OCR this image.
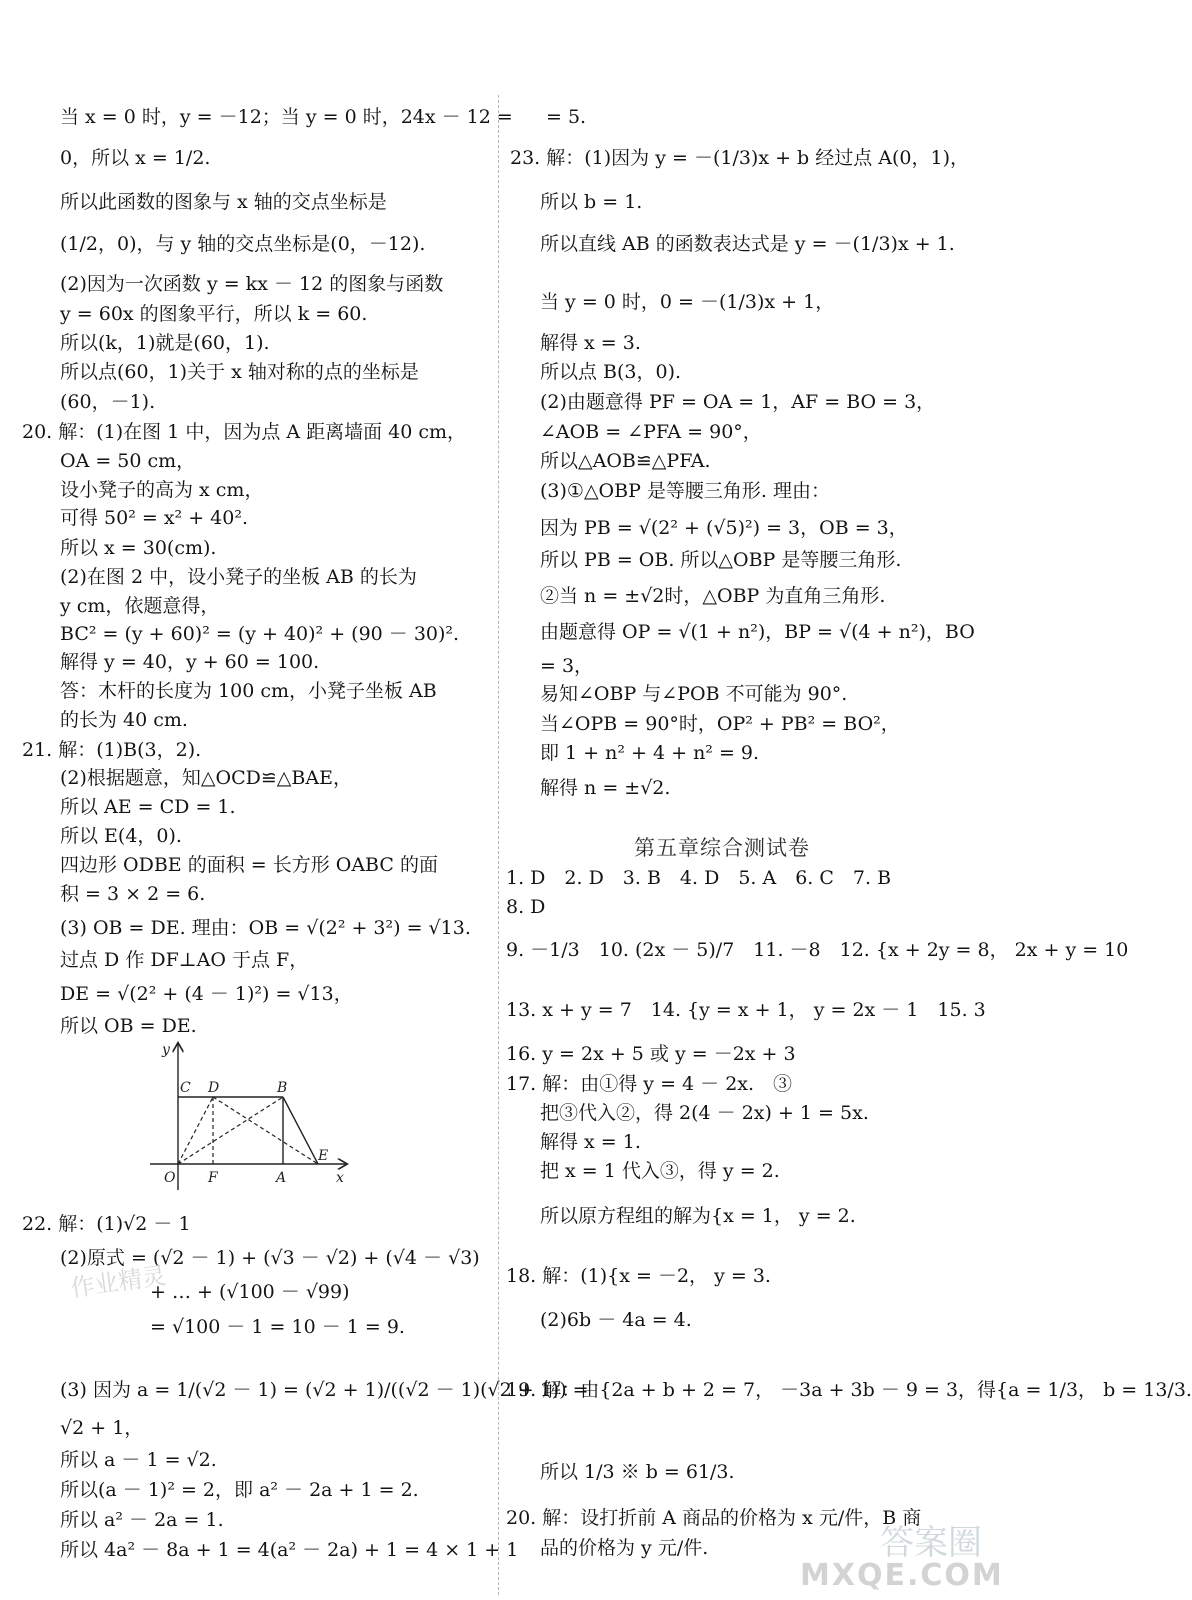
当 x = 0 时，y = －12；当 y = 0 时，24x － 12 =
0，所以 x = 1/2.
所以此函数的图象与 x 轴的交点坐标是
(1/2，0)，与 y 轴的交点坐标是(0，－12).
(2)因为一次函数 y = kx － 12 的图象与函数
y = 60x 的图象平行，所以 k = 60.
所以(k，1)就是(60，1).
所以点(60，1)关于 x 轴对称的点的坐标是
(60，－1).
20. 解：(1)在图 1 中，因为点 A 距离墙面 40 cm，
OA = 50 cm，
设小凳子的高为 x cm，
可得 50² = x² + 40².
所以 x = 30(cm).
(2)在图 2 中，设小凳子的坐板 AB 的长为
y cm，依题意得，
BC² = (y + 60)² = (y + 40)² + (90 － 30)².
解得 y = 40，y + 60 = 100.
答：木杆的长度为 100 cm，小凳子坐板 AB
的长为 40 cm.
21. 解：(1)B(3，2).
(2)根据题意，知△OCD≌△BAE，
所以 AE = CD = 1.
所以 E(4，0).
四边形 ODBE 的面积 = 长方形 OABC 的面
积 = 3 × 2 = 6.
(3) OB = DE. 理由：OB = √(2² + 3²) = √13.
过点 D 作 DF⊥AO 于点 F，
DE = √(2² + (4 － 1)²) = √13，
所以 OB = DE.
y
x
C D	B
O F	A
E
22. 解：(1)√2 － 1
(2)原式 = (√2 － 1) + (√3 － √2) + (√4 － √3)
+ … + (√100 － √99)
= √100 － 1 = 10 － 1 = 9.
(3) 因为 a = 1/(√2 － 1) = (√2 + 1)/((√2 － 1)(√2 + 1)) =
√2 + 1，
所以 a － 1 = √2.
所以(a － 1)² = 2，即 a² － 2a + 1 = 2.
所以 a² － 2a = 1.
所以 4a² － 8a + 1 = 4(a² － 2a) + 1 = 4 × 1 + 1
= 5.
23. 解：(1)因为 y = －(1/3)x + b 经过点 A(0，1)，
所以 b = 1.
所以直线 AB 的函数表达式是 y = －(1/3)x + 1.
当 y = 0 时，0 = －(1/3)x + 1，
解得 x = 3.
所以点 B(3，0).
(2)由题意得 PF = OA = 1，AF = BO = 3，
∠AOB = ∠PFA = 90°，
所以△AOB≌△PFA.
(3)①△OBP 是等腰三角形. 理由：
因为 PB = √(2² + (√5)²) = 3，OB = 3，
所以 PB = OB. 所以△OBP 是等腰三角形.
②当 n = ±√2时，△OBP 为直角三角形.
由题意得 OP = √(1 + n²)，BP = √(4 + n²)，BO
= 3，
易知∠OBP 与∠POB 不可能为 90°.
当∠OPB = 90°时，OP² + PB² = BO²，
即 1 + n² + 4 + n² = 9.
解得 n = ±√2.
1. D　2. D　3. B　4. D　5. A　6. C　7. B
8. D
9. －1/3　10. (2x － 5)/7　11. －8　12. {x + 2y = 8， 2x + y = 10
13. x + y = 7　14. {y = x + 1， y = 2x － 1　15. 3
16. y = 2x + 5 或 y = －2x + 3
17. 解：由①得 y = 4 － 2x.　③
把③代入②，得 2(4 － 2x) + 1 = 5x.
解得 x = 1.
把 x = 1 代入③，得 y = 2.
所以原方程组的解为{x = 1， y = 2.
18. 解：(1){x = －2， y = 3.
(2)6b － 4a = 4.
19. 解：由{2a + b + 2 = 7， －3a + 3b － 9 = 3，得{a = 1/3， b = 13/3.
所以 1/3 ※ b = 61/3.
20. 解：设打折前 A 商品的价格为 x 元/件，B 商
品的价格为 y 元/件.
第五章综合测试卷
作业精灵
答案圈
MXQE.COM
